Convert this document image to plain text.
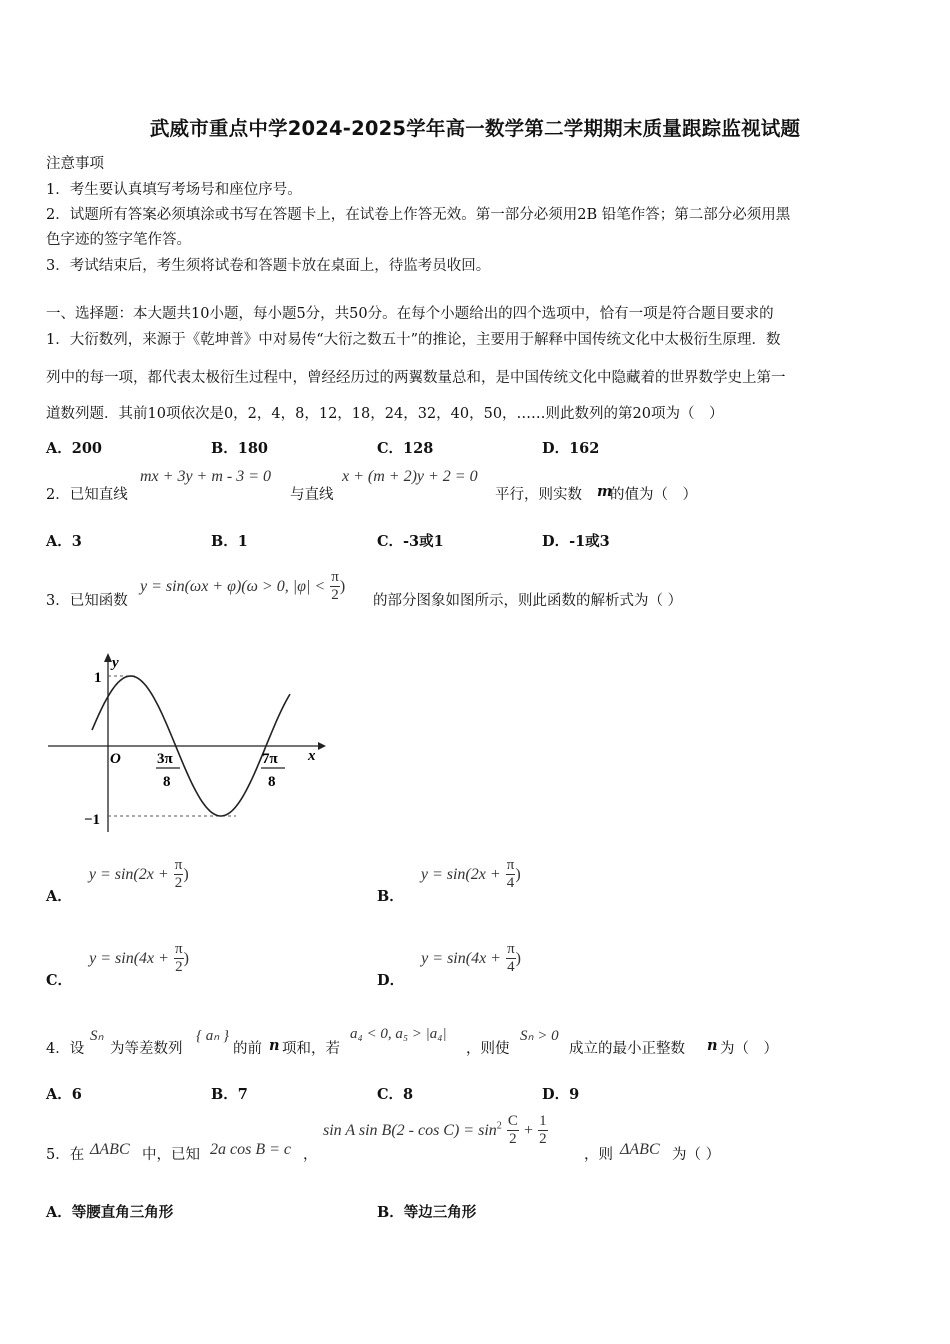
武威市重点中学2024-2025学年高一数学第二学期期末质量跟踪监视试题
注意事项
1．考生要认真填写考场号和座位序号。
2．试题所有答案必须填涂或书写在答题卡上，在试卷上作答无效。第一部分必须用2B 铅笔作答；第二部分必须用黑
色字迹的签字笔作答。
3．考试结束后，考生须将试卷和答题卡放在桌面上，待监考员收回。
一、选择题：本大题共10小题，每小题5分，共50分。在每个小题给出的四个选项中，恰有一项是符合题目要求的
1．大衍数列，来源于《乾坤普》中对易传“大衍之数五十”的推论，主要用于解释中国传统文化中太极衍生原理．数
列中的每一项，都代表太极衍生过程中，曾经经历过的两翼数量总和，是中国传统文化中隐藏着的世界数学史上第一
道数列题．其前10项依次是0，2，4，8，12，18，24，32，40，50，……则此数列的第20项为（　）
A．200	B．180	C．128	D．162
2．已知直线
mx + 3y + m - 3 = 0
与直线
x + (m + 2)y + 2 = 0
平行，则实数 m
的值为（　）
A．3	B．1	C．-3或1	D．-1或3
3．已知函数
y = sin(ωx + φ)(ω > 0, $|\varphi| < \frac{\pi}{2}$ )
的部分图象如图所示，则此函数的解析式为（ ）
y
x
1
−1
O 3π
8
7π
8
A． $y = \sin(2x + \frac{\pi}{2}$ )
B． $y = \sin(2x + \frac{\pi}{4}$ )
C． $y = \sin(4x + \frac{\pi}{2}$ )
D． $y = \sin(4x + \frac{\pi}{4}$ )
4．设
Sₙ
为等差数列
{ aₙ }
的前 n 项和，若
a₄ < 0, a₅ > |a₄|
，则使
Sₙ > 0
成立的最小正整数 n 为（　）
A．6	B．7	C．8	D．9
5．在 ΔABC 中，已知 2a cos B = c ，
sin A $\sin B(2 - \cos C) = \sin^2 \frac{C}{2} + \frac{1}{2}$
，则 ΔABC 为（ ）
A．等腰直角三角形	B．等边三角形
